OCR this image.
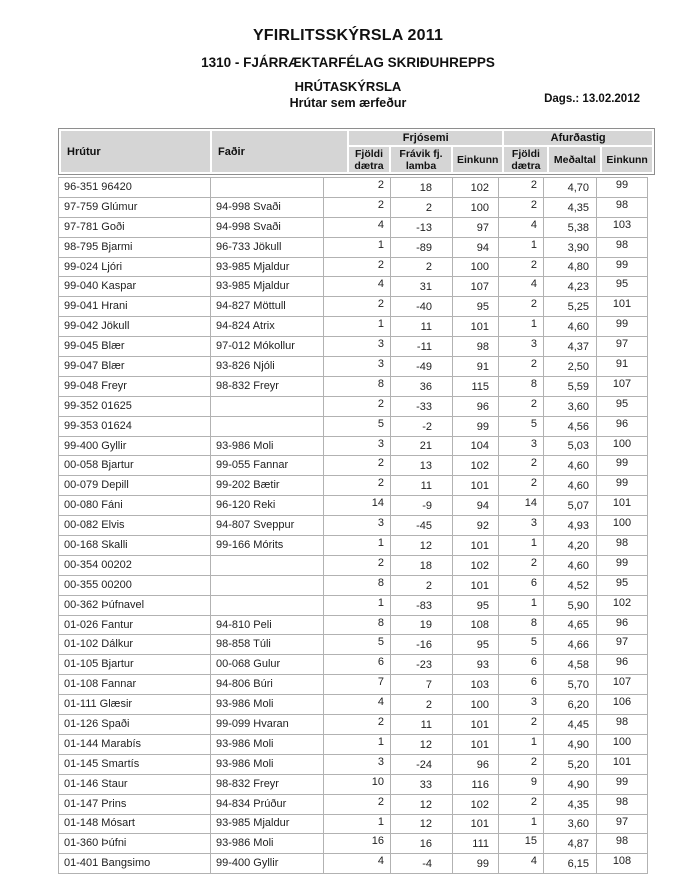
YFIRLITSSKÝRSLA 2011
1310 - FJÁRRÆKTARFÉLAG SKRIÐUHREPPS
HRÚTASKÝRSLA
Hrútar sem ærfeður	Dags.: 13.02.2012
Hrútur	Faðir	Frjósemi			Afurðastig		
		Fjöldi dætra	Frávik fj. lamba	Einkunn	Fjöldi dætra	Meðaltal	Einkunn
96-351 96420		2	18	102	2	4,70	99
97-759 Glúmur	94-998 Svaði	2	2	100	2	4,35	98
97-781 Goði	94-998 Svaði	4	-13	97	4	5,38	103
98-795 Bjarmi	96-733 Jökull	1	-89	94	1	3,90	98
99-024 Ljóri	93-985 Mjaldur	2	2	100	2	4,80	99
99-040 Kaspar	93-985 Mjaldur	4	31	107	4	4,23	95
99-041 Hrani	94-827 Möttull	2	-40	95	2	5,25	101
99-042 Jökull	94-824 Atrix	1	11	101	1	4,60	99
99-045 Blær	97-012 Mókollur	3	-11	98	3	4,37	97
99-047 Blær	93-826 Njóli	3	-49	91	2	2,50	91
99-048 Freyr	98-832 Freyr	8	36	115	8	5,59	107
99-352 01625		2	-33	96	2	3,60	95
99-353 01624		5	-2	99	5	4,56	96
99-400 Gyllir	93-986 Moli	3	21	104	3	5,03	100
00-058 Bjartur	99-055 Fannar	2	13	102	2	4,60	99
00-079 Depill	99-202 Bætir	2	11	101	2	4,60	99
00-080 Fáni	96-120 Reki	14	-9	94	14	5,07	101
00-082 Elvis	94-807 Sveppur	3	-45	92	3	4,93	100
00-168 Skalli	99-166 Mórits	1	12	101	1	4,20	98
00-354 00202		2	18	102	2	4,60	99
00-355 00200		8	2	101	6	4,52	95
00-362 Þúfnavel		1	-83	95	1	5,90	102
01-026 Fantur	94-810 Peli	8	19	108	8	4,65	96
01-102 Dálkur	98-858 Túli	5	-16	95	5	4,66	97
01-105 Bjartur	00-068 Gulur	6	-23	93	6	4,58	96
01-108 Fannar	94-806 Búri	7	7	103	6	5,70	107
01-111 Glæsir	93-986 Moli	4	2	100	3	6,20	106
01-126 Spaði	99-099 Hvaran	2	11	101	2	4,45	98
01-144 Marabís	93-986 Moli	1	12	101	1	4,90	100
01-145 Smartís	93-986 Moli	3	-24	96	2	5,20	101
01-146 Staur	98-832 Freyr	10	33	116	9	4,90	99
01-147 Prins	94-834 Prúður	2	12	102	2	4,35	98
01-148 Mósart	93-985 Mjaldur	1	12	101	1	3,60	97
01-360 Þúfni	93-986 Moli	16	16	111	15	4,87	98
01-401 Bangsimo	99-400 Gyllir	4	-4	99	4	6,15	108
